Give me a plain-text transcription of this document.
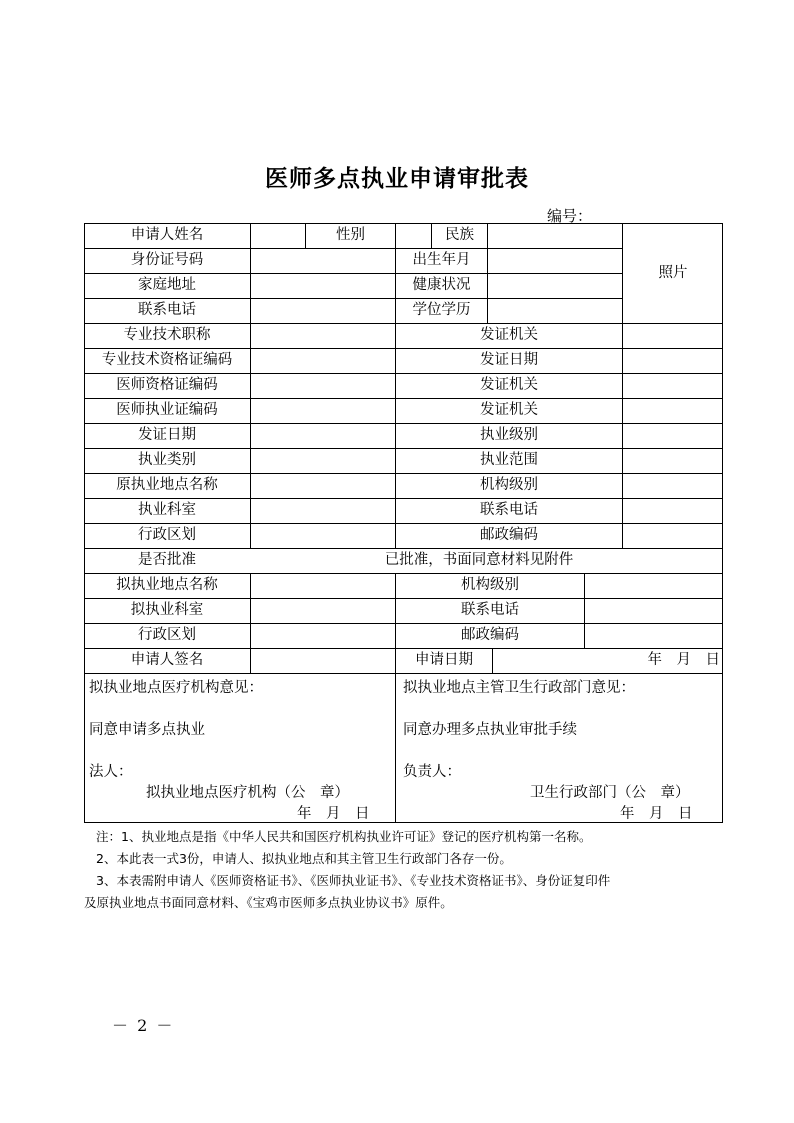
医师多点执业申请审批表
编号：
照片
申请人姓名	性别	民族
身份证号码	出生年月
家庭地址	健康状况
联系电话	学位学历
专业技术职称	发证机关
专业技术资格证编码	发证日期
医师资格证编码	发证机关
医师执业证编码	发证机关
发证日期	执业级别
执业类别	执业范围
原执业地点名称	机构级别
执业科室	联系电话
行政区划	邮政编码
是否批准	已批准，书面同意材料见附件
拟执业地点名称	机构级别
拟执业科室	联系电话
行政区划	邮政编码
申请人签名	申请日期	年　月　日
拟执业地点医疗机构意见：
同意申请多点执业
法人：
拟执业地点医疗机构（公　章）
年　月　日
拟执业地点主管卫生行政部门意见：
同意办理多点执业审批手续
负责人：
卫生行政部门（公　章）
年　月　日

注：1、执业地点是指《中华人民共和国医疗机构执业许可证》登记的医疗机构第一名称。

2、本此表一式3份，申请人、拟执业地点和其主管卫生行政部门各存一份。

3、本表需附申请人《医师资格证书》、《医师执业证书》、《专业技术资格证书》、身份证复印件

及原执业地点书面同意材料、《宝鸡市医师多点执业协议书》原件。

－ 2 －
